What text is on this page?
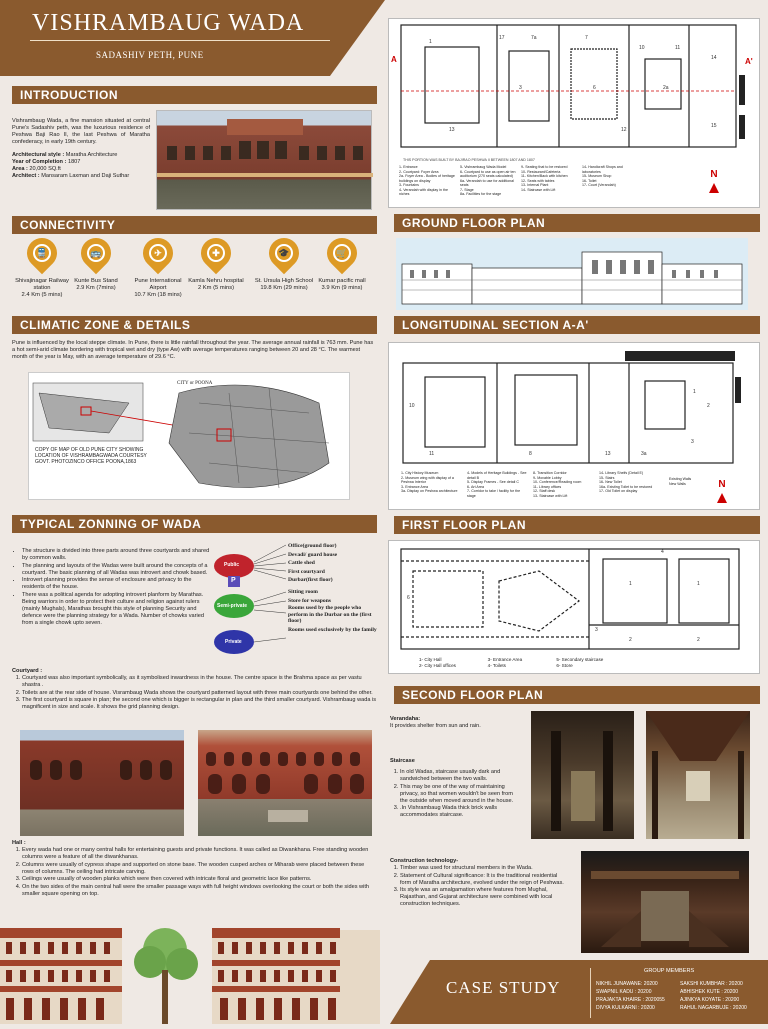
VISHRAMBAUG WADA
SADASHIV PETH, PUNE
INTRODUCTION
Vishrambaug Wada, a fine mansion situated at central Pune's Sadashiv peth, was the luxurious residence of Peshwa Baji Rao II, the last Peshwa of Maratha confederacy, in early 19th century.
Architectural style : Maratha Architecture
Year of Completion : 1807
Area : 20,000 SQ.ft
Architect : Mansaram Laxman and Daji Suthar
CONNECTIVITY
🚆
Shivajinagar Railway station
2.4 Km (5 mins)
🚌
Kunte Bus Stand
2.9 Km (7mins)
✈
Pune International Airport
10.7 Km (18 mins)
✚
Kamla Nehru hospital
2 Km (5 mins)
🎓
St. Ursula High School
19.8 Km (29 mins)
🛒
Kumar pacific mall
3.9 Km (9 mins)
CLIMATIC ZONE & DETAILS
Pune is influenced by the local steppe climate. In Pune, there is little rainfall throughout the year. The average annual rainfall is 763 mm. Pune has a hot semi-arid climate bordering with tropical wet and dry (type Aw) with average temperatures ranging between 20 and 28 °C. The warmest month of the year is May, with an average temperature of 29.6 °C.
CITY or POONA
COPY OF MAP OF OLD PUNE CITY SHOWING LOCATION OF VISHRAMBAGWADA COURTESY GOVT. PHOTOZINCO OFFICE POONA,1863
TYPICAL ZONNING OF WADA
• The structure is divided into three parts around three courtyards and shared by common walls.
• The planning and layouts of the Wadas were built around the concepts of a courtyard. The basic planning of all Wadas was introvert and chowk based.
• Introvert planning provides the sense of enclosure and privacy to the residents of the house.
• There was a political agenda for adopting introvert planform by Marathas. Being warriors in order to protect their culture and religion against rulers (mainly Mughals), Marathas brought this style of planning Security and defence were the planning strategy for a Wada. Number of chowks varied from a single chowk upto seven.
Public
P
Semi-private
Private
Office(ground floor)
Devadi/ guard house
Cattle shed
First courtyard
Durbar(first floor)
Sitting room
Store for weapons
Rooms used by the people who perform in the Durbar on the (first floor)
Rooms used exclusively by the family
Courtyard :
1. Courtyard was also important symbolically, as it symbolised inwardness in the house. The centre space is the Brahma space as per vastu shastra .
2. Toilets are at the rear side of house. Visrambaug Wada shows the courtyard patterned layout with three main courtyards one behind the other.
3. The first courtyard is square in plan; the second one which is bigger is rectangular in plan and the third smaller courtyard. Vishrambaug wada is magnificent in size and scale. It shows the grid planning design.
Hall :
1. Every wada had one or many central halls for entertaining guests and private functions. It was called as Diwankhana. Free standing wooden columns were a feature of all the diwankhanas.
2. Columns were usually of cypress shape and supported on stone base. The wooden cusped arches or Miharab were placed between these rows of columns. The ceiling had intricate carving.
3. Ceilings were usually of wooden planks which were then covered with intricate floral and geometric lace like patterns.
4. On the two sides of the main central hall were the smaller passage ways with full height windows overlooking the court or both the sides with smaller square opening on top.
1
17	7a	7
10	11
14
3	6	2a
12
15
13
THIS PORTION WAS BUILT BY BAJIRAO PESHWA II BETWEEN 1807 AND 1807
A	A'
1- Entrance
2- Courtyard: Foyer Area
2a- Foyer Area - Bodies of heritage buildings on display
3- Fountains
4- Verandah with display in the niches
5- Vishrambaug Wada Model
6- Courtyard to use as open air ten auditorium (270 seats calculated)
6a- Verandah to use for additional seats
7- Stage
8a- Facilities for the stage
9- Seating that to be restored
10- Restaurant/Cafeteria
11- Kitchen/Back with kitchen
12- Seats with tables
13- Internal Plant
14- Staircase with Lift
14- Handicraft Shops and laboratories
15- Museum Shop
16- Toilet
17- Court (Verandah)
N
GROUND FLOOR PLAN
LONGITUDINAL SECTION A-A'
10
11	8	13	3a
3
2
1
1- City History Museum
2- Museum wing with display of a Peshwa Interior
3- Entrance Area
3a- Display on Peshwa architecture
4- Models of Heritage Buildings - See detail B
5- Display Frames - See detail C
6- Art Area
7- Corridor to take / facility for the stage
8- Transition Corridor
9- Movable Lobby
10- Conference/Reading room
11- Library offices
12- Staff desk
13- Staircase with Lift
14- Library Shelfs (Detail E)
15- Stairs
16- New Toilet
16a- Existing Toilet to be restored
17- Old Toilet on display
Existing Walls
New Walls	N
FIRST FLOOR PLAN
6
1	1
2	2
4
3
1- City Hall
2- City Hall offices
3- Entrance Area
4- Toilets
5- Secondary staircase
6- Store
SECOND FLOOR PLAN
Verandaha:
It provides shelter from sun and rain.
Staircase
1. In old Wadas, staircase usually dark and sandwiched between the two walls.
2. This may be one of the way of maintaining privacy, so that women wouldn't be seen from the outside when moved around in the house.
3. .In Vishrambaug Wada thick brick walls accommodates staircase.
Construction technology-
1. Timber was used for structural members in the Wada.
2. Statement of Cultural significance: It is the traditional residential form of Maratha architecture, evolved under the reign of Peshwas.
3. Its style was an amalgamation where features from Mughal, Rajasthan, and Gujarat architecture were combined with local construction techniques.
CASE STUDY
GROUP MEMBERS
NIKHIL JUNAWANE: 20200
SWAPNIL KADU : 20200
PRAJAKTA KHAIRE : 2020055
DIVYA KULKARNI : 20200
SAKSHI KUMBHAR : 20200
ABHISHEK KUTE : 20200
AJINKYA KOYATE : 20200
RAHUL NAGARBUJE : 20200
